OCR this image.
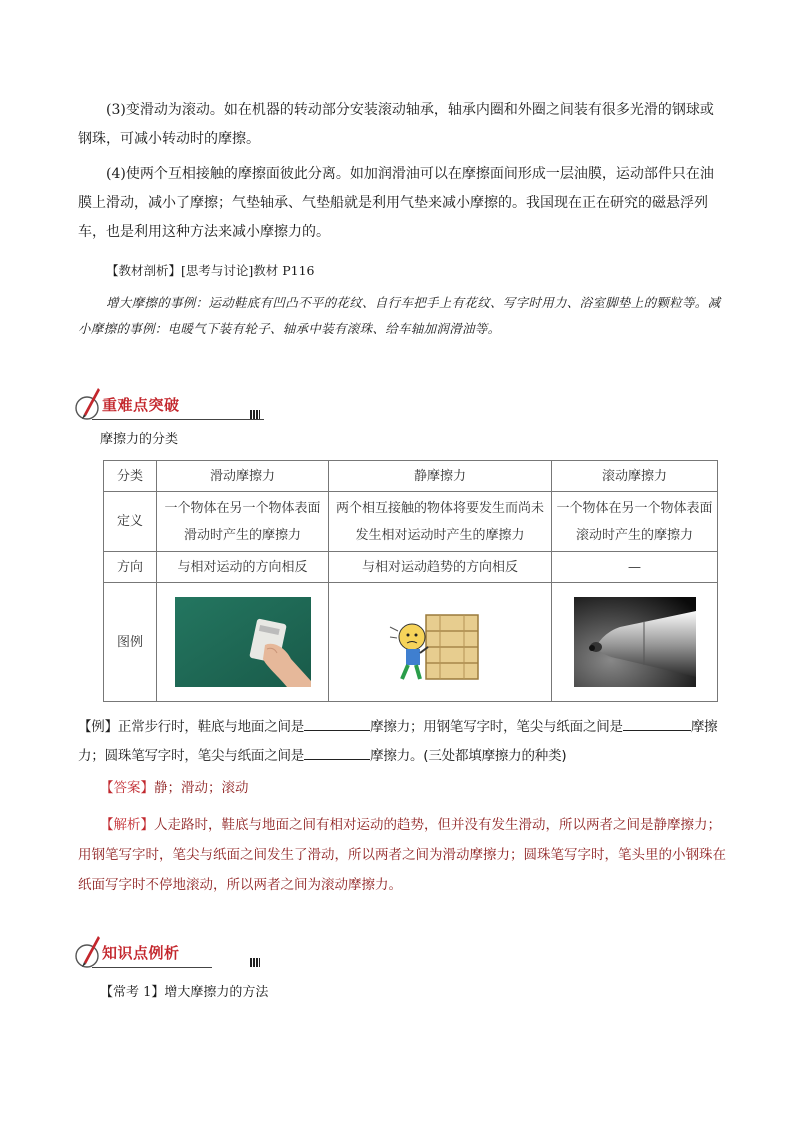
(3)变滑动为滚动。如在机器的转动部分安装滚动轴承，轴承内圈和外圈之间装有很多光滑的钢球或钢珠，可减小转动时的摩擦。
(4)使两个互相接触的摩擦面彼此分离。如加润滑油可以在摩擦面间形成一层油膜，运动部件只在油膜上滑动，减小了摩擦；气垫轴承、气垫船就是利用气垫来减小摩擦的。我国现在正在研究的磁悬浮列车，也是利用这种方法来减小摩擦力的。
【教材剖析】[思考与讨论]教材 P116
增大摩擦的事例：运动鞋底有凹凸不平的花纹、自行车把手上有花纹、写字时用力、浴室脚垫上的颗粒等。减小摩擦的事例：电暖气下装有轮子、轴承中装有滚珠、给车轴加润滑油等。
重难点突破
摩擦力的分类
分类	滑动摩擦力	静摩擦力	滚动摩擦力
定义	一个物体在另一个物体表面滑动时产生的摩擦力	两个相互接触的物体将要发生而尚未发生相对运动时产生的摩擦力	一个物体在另一个物体表面滚动时产生的摩擦力
方向	与相对运动的方向相反	与相对运动趋势的方向相反	—
图例	

【例】正常步行时，鞋底与地面之间是	摩擦力；用钢笔写字时，笔尖与纸面之间是	摩擦力；圆珠笔写字时，笔尖与纸面之间是	摩擦力。(三处都填摩擦力的种类)
【答案】静；滑动；滚动
【解析】人走路时，鞋底与地面之间有相对运动的趋势，但并没有发生滑动，所以两者之间是静摩擦力；用钢笔写字时，笔尖与纸面之间发生了滑动，所以两者之间为滑动摩擦力；圆珠笔写字时，笔头里的小钢珠在纸面写字时不停地滚动，所以两者之间为滚动摩擦力。
知识点例析
【常考 1】增大摩擦力的方法
